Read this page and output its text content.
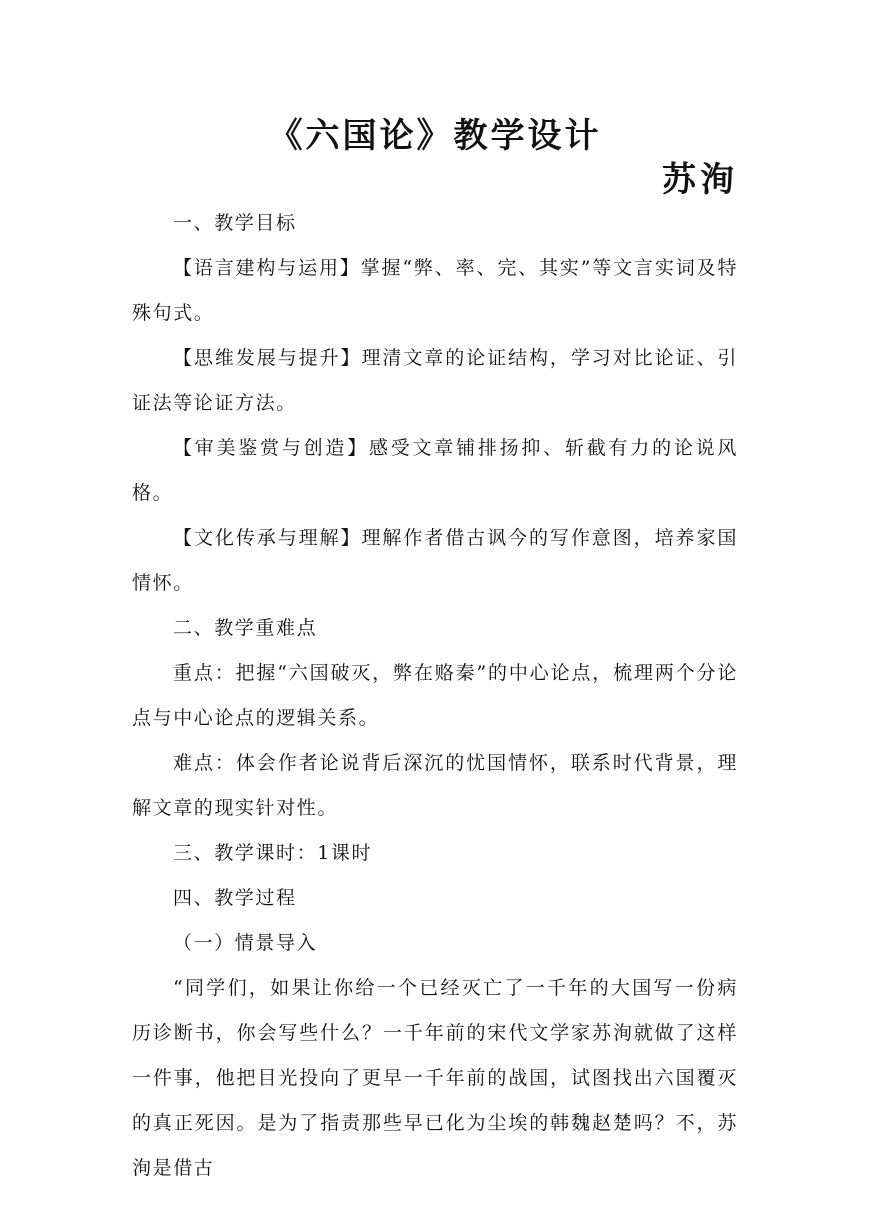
《六国论》教学设计
苏洵

一、教学目标

【语言建构与运用】掌握“弊、率、完、其实”等文言实词及特殊句式。

【思维发展与提升】理清文章的论证结构，学习对比论证、引证法等论证方法。

【审美鉴赏与创造】感受文章铺排扬抑、斩截有力的论说风格。

【文化传承与理解】理解作者借古讽今的写作意图，培养家国情怀。

二、教学重难点

重点：把握“六国破灭，弊在赂秦”的中心论点，梳理两个分论点与中心论点的逻辑关系。

难点：体会作者论说背后深沉的忧国情怀，联系时代背景，理解文章的现实针对性。

三、教学课时：1课时

四、教学过程

（一）情景导入

“同学们，如果让你给一个已经灭亡了一千年的大国写一份病历诊断书，你会写些什么？一千年前的宋代文学家苏洵就做了这样一件事，他把目光投向了更早一千年前的战国，试图找出六国覆灭的真正死因。是为了指责那些早已化为尘埃的韩魏赵楚吗？不，苏洵是借古
